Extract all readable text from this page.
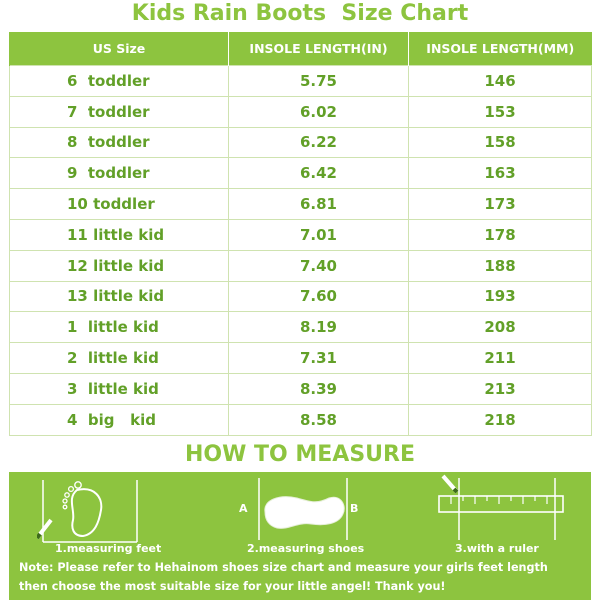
Kids Rain Boots  Size Chart
US Size	INSOLE LENGTH(IN)	INSOLE LENGTH(MM)
6  toddler	5.75	146
7  toddler	6.02	153
8  toddler	6.22	158
9  toddler	6.42	163
10 toddler	6.81	173
11 little kid	7.01	178
12 little kid	7.40	188
13 little kid	7.60	193
1  little kid	8.19	208
2  little kid	7.31	211
3  little kid	8.39	213
4  big   kid	8.58	218
HOW TO MEASURE
1.measuring feet
A	B
2.measuring shoes	3.with a ruler
Note: Please refer to Hehainom shoes size chart and measure your girls feet length
then choose the most suitable size for your little angel! Thank you!
